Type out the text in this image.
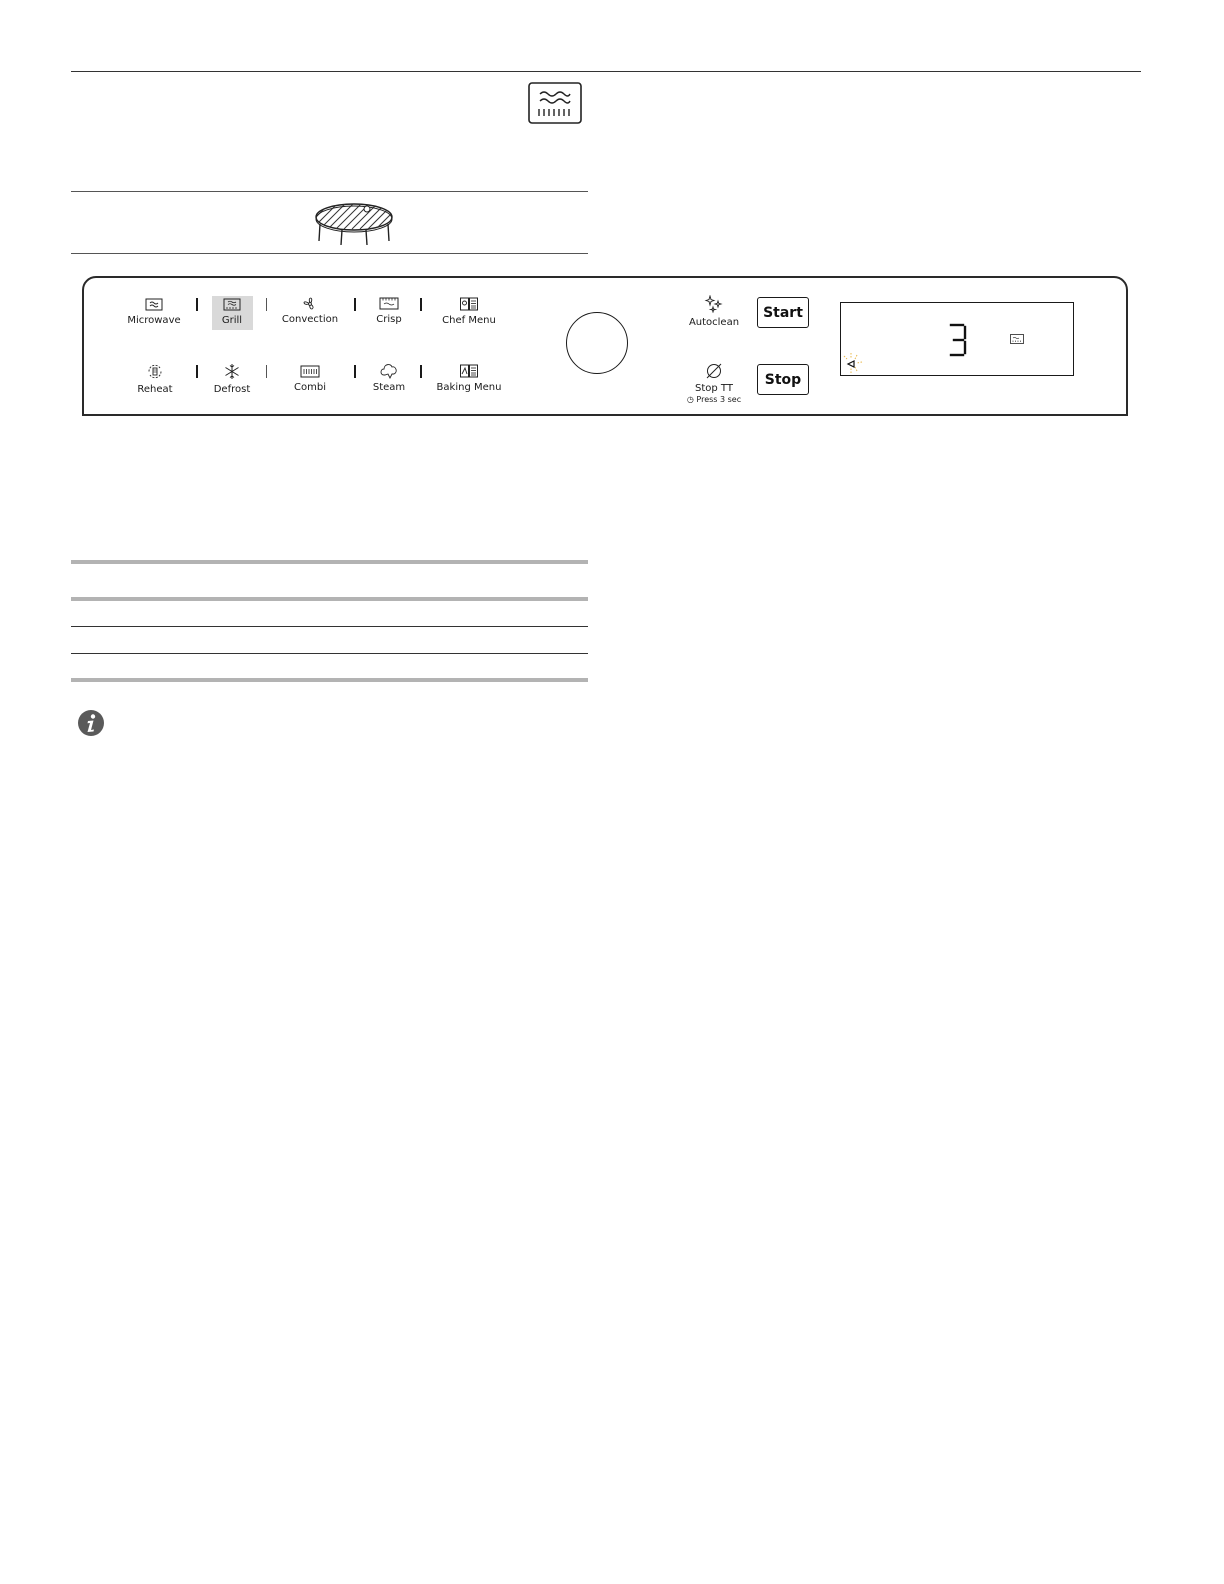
Microwave	Grill	Convection	Crisp	Chef Menu
Reheat	Defrost	Combi	Steam	Baking Menu
Autoclean
Stop TT
◷ Press 3 sec
Start
Stop
